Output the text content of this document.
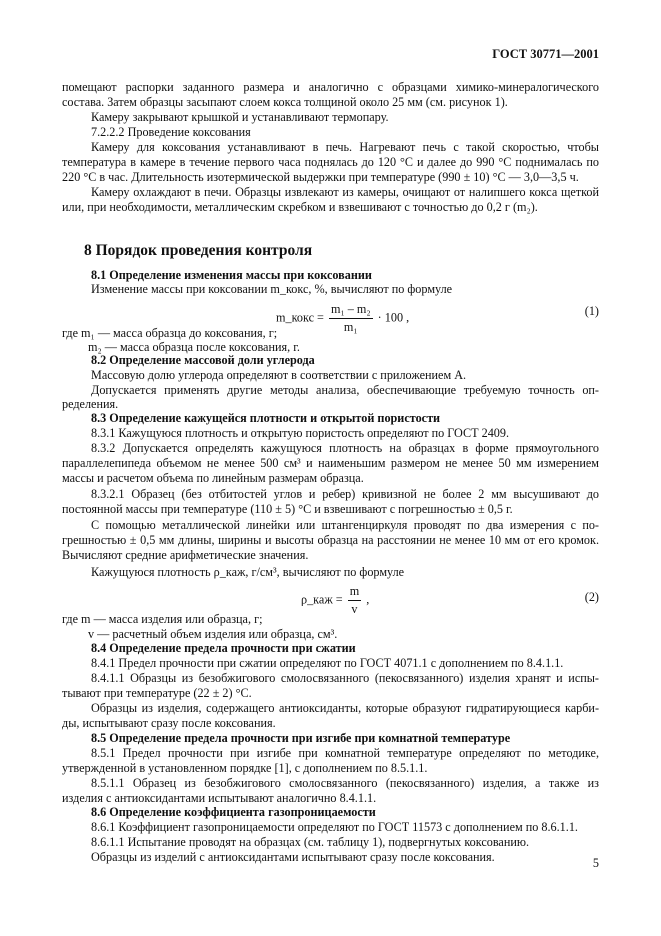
ГОСТ 30771—2001
помещают распорки заданного размера и аналогично с образцами химико-минералогического
состава. Затем образцы засыпают слоем кокса толщиной около 25 мм (см. рисунок 1).
Камеру закрывают крышкой и устанавливают термопару.
7.2.2.2 Проведение коксования
Камеру для коксования устанавливают в печь. Нагревают печь с такой скоростью, чтобы
температура в камере в течение первого часа поднялась до 120 °С и далее до 990 °С поднималась по
220 °С в час. Длительность изотермической выдержки при температуре (990 ± 10) °С — 3,0—3,5 ч.
Камеру охлаждают в печи. Образцы извлекают из камеры, очищают от налипшего кокса щеткой
или, при необходимости, металлическим скребком и взвешивают с точностью до 0,2 г (m₂).
8 Порядок проведения контроля
8.1 Определение изменения массы при коксовании
Изменение массы при коксовании m_кокс, %, вычисляют по формуле
m_кокс = $\frac{\text{m₁ – m₂}}{\text{m₁}} \cdot 100$ ,	(1)
где m₁ — масса образца до коксования, г;
m₂ — масса образца после коксования, г.
8.2 Определение массовой доли углерода
Массовую долю углерода определяют в соответствии с приложением А.
Допускается применять другие методы анализа, обеспечивающие требуемую точность оп-
ределения.
8.3 Определение кажущейся плотности и открытой пористости
8.3.1 Кажущуюся плотность и открытую пористость определяют по ГОСТ 2409.
8.3.2 Допускается определять кажущуюся плотность на образцах в форме прямоугольного
параллелепипеда объемом не менее 500 см³ и наименьшим размером не менее 50 мм измерением
массы и расчетом объема по линейным размерам образца.
8.3.2.1 Образец (без отбитостей углов и ребер) кривизной не более 2 мм высушивают до
постоянной массы при температуре (110 ± 5) °С и взвешивают с погрешностью ± 0,5 г.
С помощью металлической линейки или штангенциркуля проводят по два измерения с по-
грешностью ± 0,5 мм длины, ширины и высоты образца на расстоянии не менее 10 мм от его кромок.
Вычисляют средние арифметические значения.
Кажущуюся плотность ρ_каж, г/см³, вычисляют по формуле
ρ_каж = $\frac{m}{v}$ ,	(2)
где m — масса изделия или образца, г;
v — расчетный объем изделия или образца, см³.
8.4 Определение предела прочности при сжатии
8.4.1 Предел прочности при сжатии определяют по ГОСТ 4071.1 с дополнением по 8.4.1.1.
8.4.1.1 Образцы из безобжигового смолосвязанного (пекосвязанного) изделия хранят и испы-
тывают при температуре (22 ± 2) °С.
Образцы из изделия, содержащего антиоксиданты, которые образуют гидратирующиеся карби-
ды, испытывают сразу после коксования.
8.5 Определение предела прочности при изгибе при комнатной температуре
8.5.1 Предел прочности при изгибе при комнатной температуре определяют по методике,
утвержденной в установленном порядке [1], с дополнением по 8.5.1.1.
8.5.1.1 Образец из безобжигового смолосвязанного (пекосвязанного) изделия, а также из
изделия с антиоксидантами испытывают аналогично 8.4.1.1.
8.6 Определение коэффициента газопроницаемости
8.6.1 Коэффициент газопроницаемости определяют по ГОСТ 11573 с дополнением по 8.6.1.1.
8.6.1.1 Испытание проводят на образцах (см. таблицу 1), подвергнутых коксованию.
Образцы из изделий с антиоксидантами испытывают сразу после коксования.	5
